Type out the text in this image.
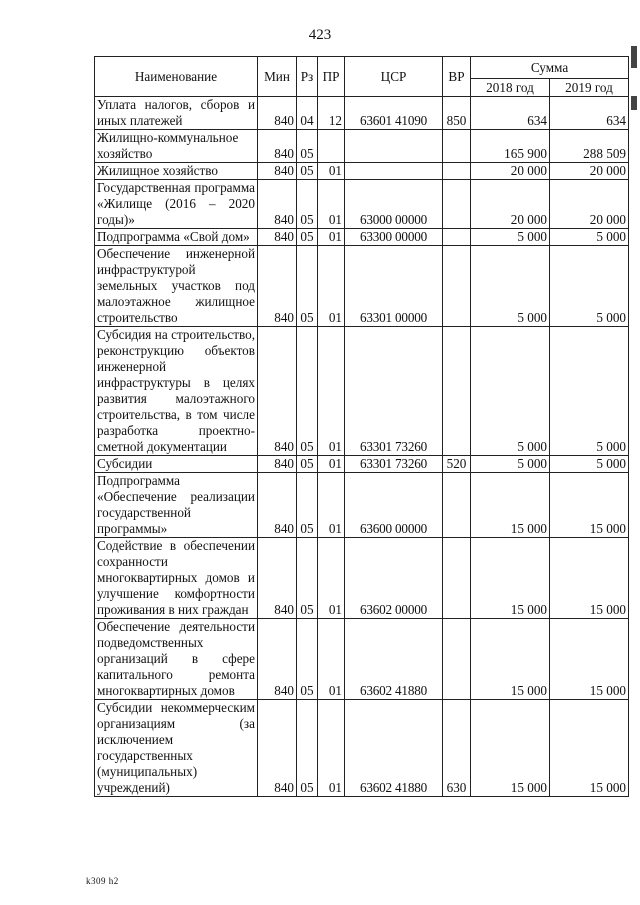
423
Наименование	Мин	Рз	ПР	ЦСР	ВР	Сумма	
						2018 год	2019 год
Уплата налогов, сборов и иных платежей	840	04	12	63601 41090	850	634	634
Жилищно-коммунальное хозяйство	840	05				165 900	288 509
Жилищное хозяйство	840	05	01			20 000	20 000
Государственная программа «Жилище (2016 – 2020 годы)»	840	05	01	63000 00000		20 000	20 000
Подпрограмма «Свой дом»	840	05	01	63300 00000		5 000	5 000
Обеспечение инженерной инфраструктурой земельных участков под малоэтажное жилищное строительство	840	05	01	63301 00000		5 000	5 000
Субсидия на строительство, реконструкцию объектов инженерной инфраструктуры в целях развития малоэтажного строительства, в том числе разработка проектно-сметной документации	840	05	01	63301 73260		5 000	5 000
Субсидии	840	05	01	63301 73260	520	5 000	5 000
Подпрограмма «Обеспечение реализации государственной программы»	840	05	01	63600 00000		15 000	15 000
Содействие в обеспечении сохранности многоквартирных домов и улучшение комфортности проживания в них граждан	840	05	01	63602 00000		15 000	15 000
Обеспечение деятельности подведомственных организаций в сфере капитального ремонта многоквартирных домов	840	05	01	63602 41880		15 000	15 000
Субсидии некоммерческим организациям (за исключением государственных (муниципальных) учреждений)	840	05	01	63602 41880	630	15 000	15 000
k309 h2
